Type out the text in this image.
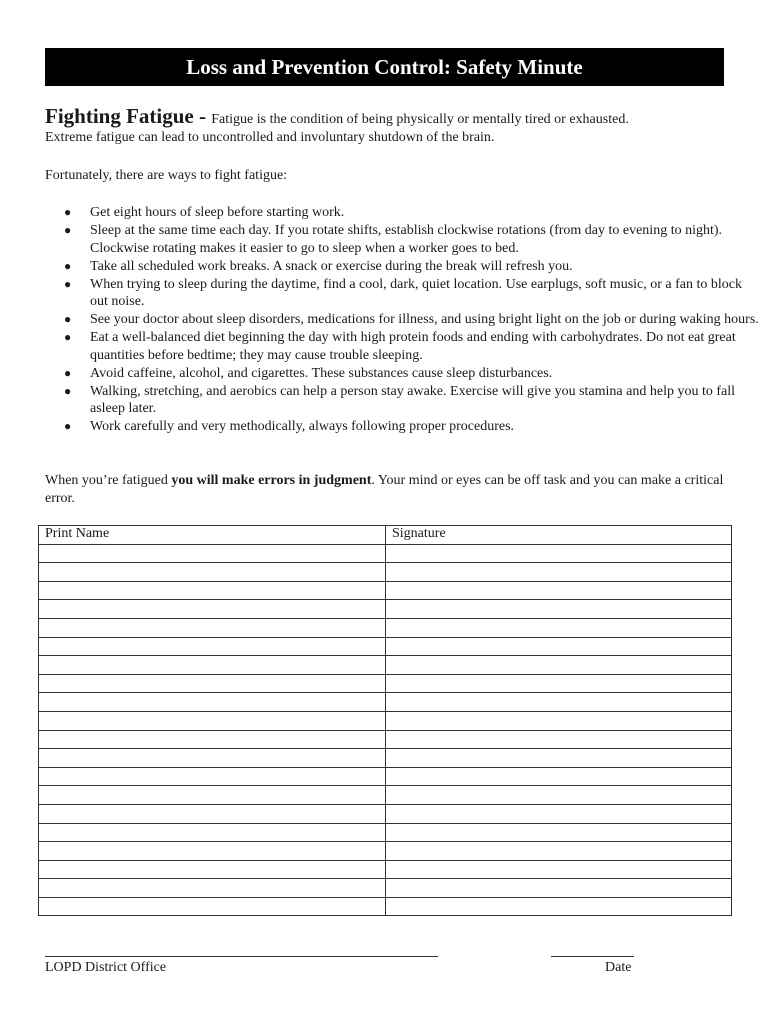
Loss and Prevention Control: Safety Minute
Fighting Fatigue - Fatigue is the condition of being physically or mentally tired or exhausted.
Extreme fatigue can lead to uncontrolled and involuntary shutdown of the brain.
Fortunately, there are ways to fight fatigue:
● Get eight hours of sleep before starting work.
● Sleep at the same time each day. If you rotate shifts, establish clockwise rotations (from day to evening to night). Clockwise rotating makes it easier to go to sleep when a worker goes to bed.
● Take all scheduled work breaks. A snack or exercise during the break will refresh you.
● When trying to sleep during the daytime, find a cool, dark, quiet location. Use earplugs, soft music, or a fan to block out noise.
● See your doctor about sleep disorders, medications for illness, and using bright light on the job or during waking hours.
● Eat a well-balanced diet beginning the day with high protein foods and ending with carbohydrates. Do not eat great quantities before bedtime; they may cause trouble sleeping.
● Avoid caffeine, alcohol, and cigarettes. These substances cause sleep disturbances.
● Walking, stretching, and aerobics can help a person stay awake. Exercise will give you stamina and help you to fall asleep later.
● Work carefully and very methodically, always following proper procedures.
When you’re fatigued you will make errors in judgment. Your mind or eyes can be off task and you can make a critical error.
Print Name	Signature

LOPD District Office	Date
